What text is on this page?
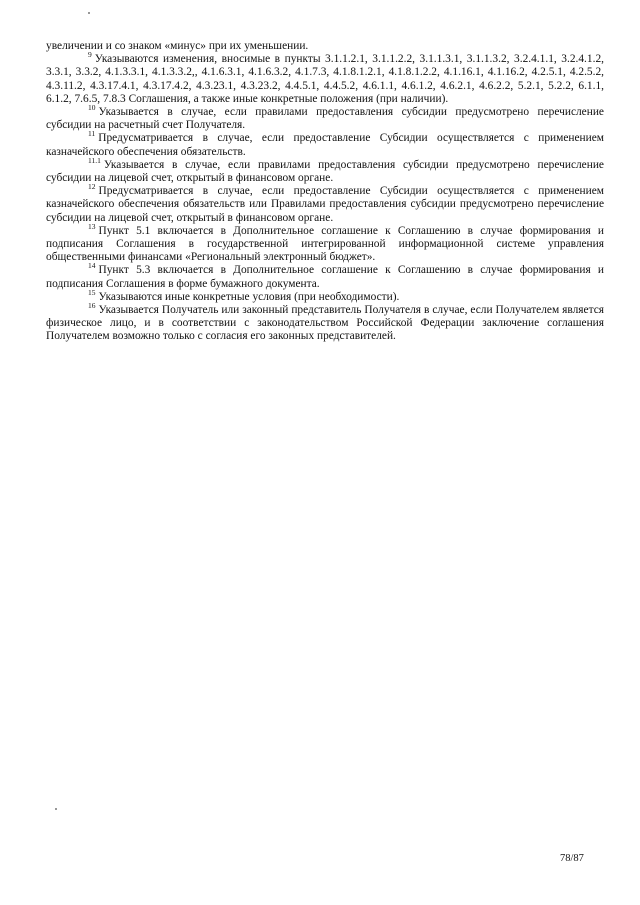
увеличении и со знаком «минус» при их уменьшении.

$^9$ Указываются изменения, вносимые в пункты 3.1.1.2.1, 3.1.1.2.2, 3.1.1.3.1, 3.1.1.3.2, 3.2.4.1.1, 3.2.4.1.2, 3.3.1, 3.3.2, 4.1.3.3.1, 4.1.3.3.2,, 4.1.6.3.1, 4.1.6.3.2, 4.1.7.3, 4.1.8.1.2.1, 4.1.8.1.2.2, 4.1.16.1, 4.1.16.2, 4.2.5.1, 4.2.5.2, 4.3.11.2, 4.3.17.4.1, 4.3.17.4.2, 4.3.23.1, 4.3.23.2, 4.4.5.1, 4.4.5.2, 4.6.1.1, 4.6.1.2, 4.6.2.1, 4.6.2.2, 5.2.1, 5.2.2, 6.1.1, 6.1.2, 7.6.5, 7.8.3 Соглашения, а также иные конкретные положения (при наличии).

$^{10}$ Указывается в случае, если правилами предоставления субсидии предусмотрено перечисление субсидии на расчетный счет Получателя.

$^{11}$ Предусматривается в случае, если предоставление Субсидии осуществляется с применением казначейского обеспечения обязательств.

$^{11.1}$ Указывается в случае, если правилами предоставления субсидии предусмотрено перечисление субсидии на лицевой счет, открытый в финансовом органе.

$^{12}$ Предусматривается в случае, если предоставление Субсидии осуществляется с применением казначейского обеспечения обязательств или Правилами предоставления субсидии предусмотрено перечисление субсидии на лицевой счет, открытый в финансовом органе.

$^{13}$ Пункт 5.1 включается в Дополнительное соглашение к Соглашению в случае формирования и подписания Соглашения в государственной интегрированной информационной системе управления общественными финансами «Региональный электронный бюджет».

$^{14}$ Пункт 5.3 включается в Дополнительное соглашение к Соглашению в случае формирования и подписания Соглашения в форме бумажного документа.

$^{15}$ Указываются иные конкретные условия (при необходимости).

$^{16}$ Указывается Получатель или законный представитель Получателя в случае, если Получателем является физическое лицо, и в соответствии с законодательством Российской Федерации заключение соглашения Получателем возможно только с согласия его законных представителей.

78/87
